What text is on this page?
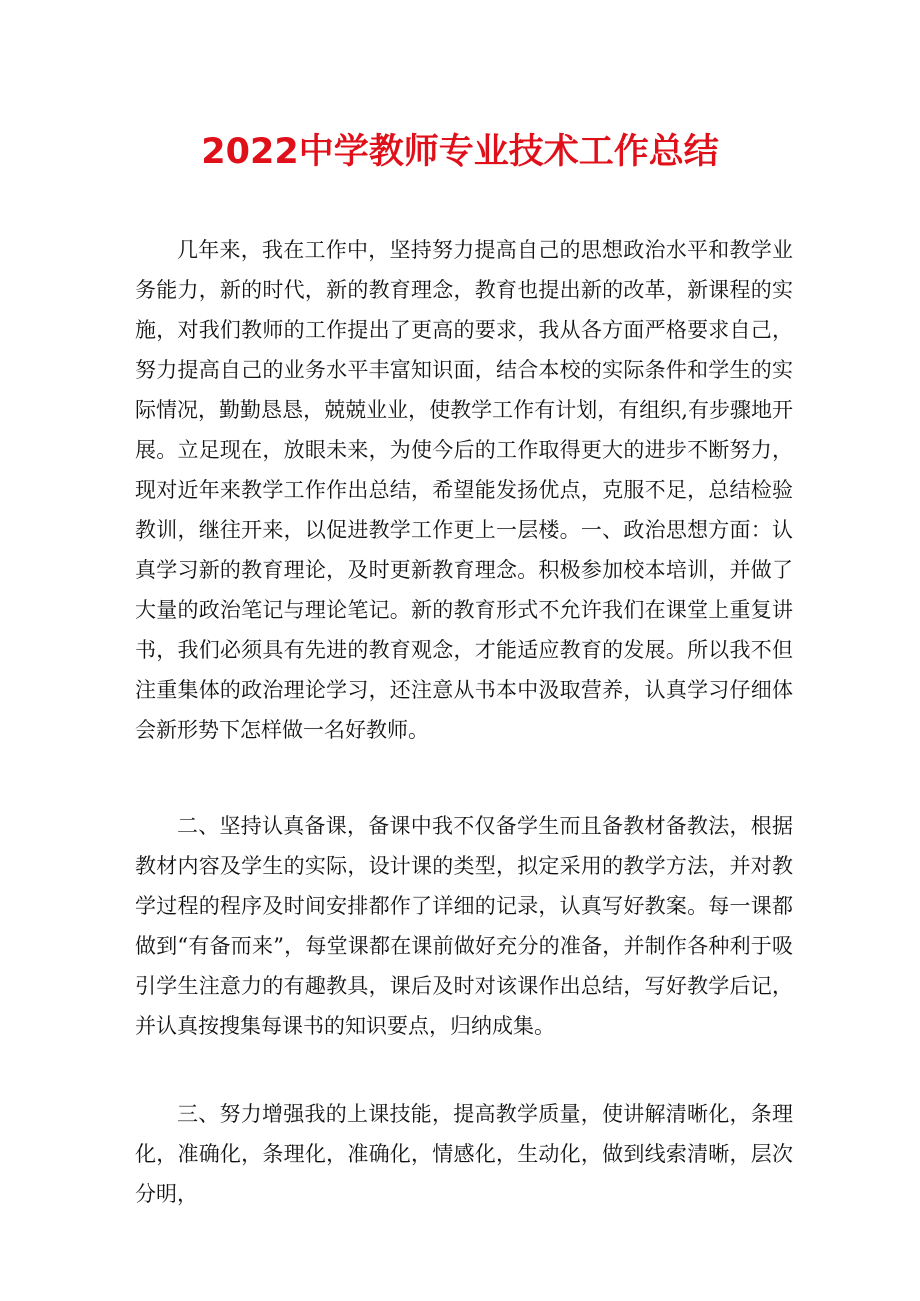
2022中学教师专业技术工作总结

几年来，我在工作中，坚持努力提高自己的思想政治水平和教学业务能力，新的时代，新的教育理念，教育也提出新的改革，新课程的实施，对我们教师的工作提出了更高的要求，我从各方面严格要求自己，努力提高自己的业务水平丰富知识面，结合本校的实际条件和学生的实际情况，勤勤恳恳，兢兢业业，使教学工作有计划，有组织,有步骤地开展。立足现在，放眼未来，为使今后的工作取得更大的进步不断努力，现对近年来教学工作作出总结，希望能发扬优点，克服不足，总结检验教训，继往开来，以促进教学工作更上一层楼。一、政治思想方面：认真学习新的教育理论，及时更新教育理念。积极参加校本培训，并做了大量的政治笔记与理论笔记。新的教育形式不允许我们在课堂上重复讲书，我们必须具有先进的教育观念，才能适应教育的发展。所以我不但注重集体的政治理论学习，还注意从书本中汲取营养，认真学习仔细体会新形势下怎样做一名好教师。

二、坚持认真备课，备课中我不仅备学生而且备教材备教法，根据教材内容及学生的实际，设计课的类型，拟定采用的教学方法，并对教学过程的程序及时间安排都作了详细的记录，认真写好教案。每一课都做到“有备而来”，每堂课都在课前做好充分的准备，并制作各种利于吸引学生注意力的有趣教具，课后及时对该课作出总结，写好教学后记，并认真按搜集每课书的知识要点，归纳成集。

三、努力增强我的上课技能，提高教学质量，使讲解清晰化，条理化，准确化，条理化，准确化，情感化，生动化，做到线索清晰，层次分明，
